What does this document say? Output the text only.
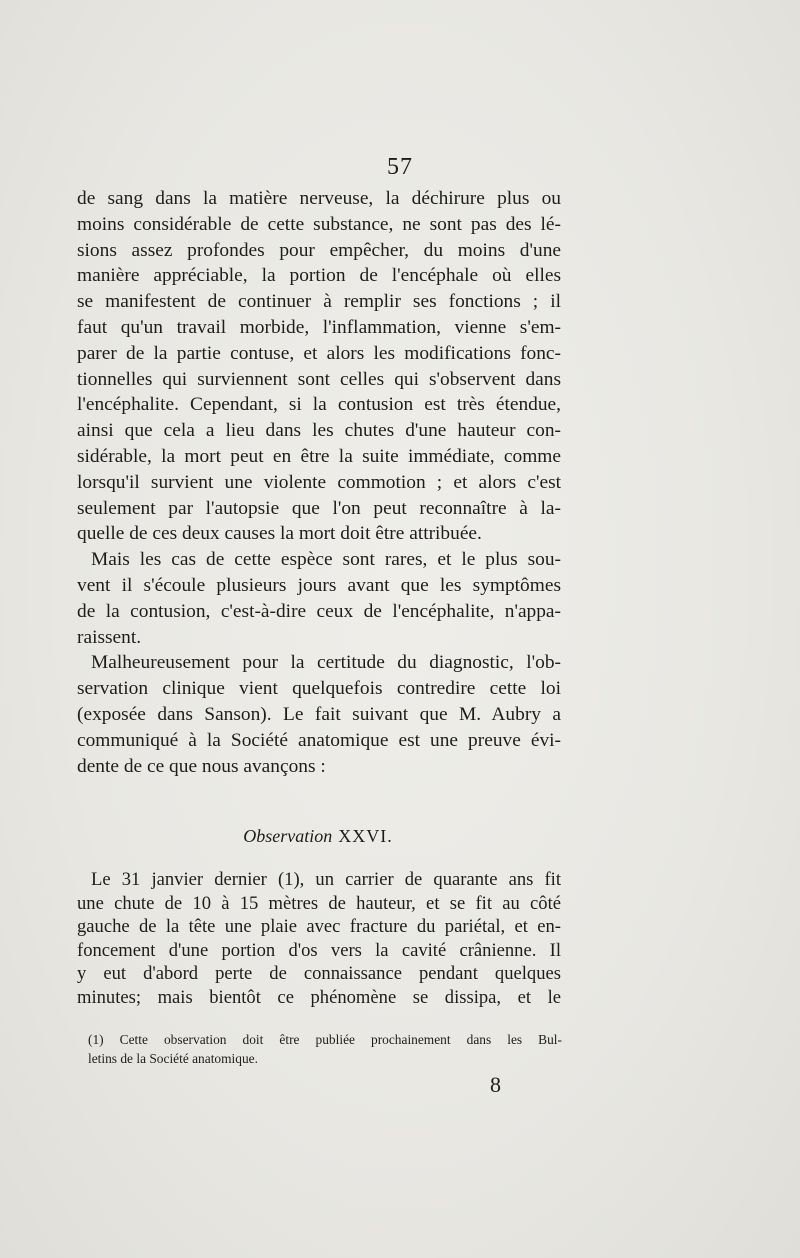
57
de sang dans la matière nerveuse, la déchirure plus ou
moins considérable de cette substance, ne sont pas des lé-
sions assez profondes pour empêcher, du moins d'une
manière appréciable, la portion de l'encéphale où elles
se manifestent de continuer à remplir ses fonctions ; il
faut qu'un travail morbide, l'inflammation, vienne s'em-
parer de la partie contuse, et alors les modifications fonc-
tionnelles qui surviennent sont celles qui s'observent dans
l'encéphalite. Cependant, si la contusion est très étendue,
ainsi que cela a lieu dans les chutes d'une hauteur con-
sidérable, la mort peut en être la suite immédiate, comme
lorsqu'il survient une violente commotion ; et alors c'est
seulement par l'autopsie que l'on peut reconnaître à la-
quelle de ces deux causes la mort doit être attribuée.
Mais les cas de cette espèce sont rares, et le plus sou-
vent il s'écoule plusieurs jours avant que les symptômes
de la contusion, c'est-à-dire ceux de l'encéphalite, n'appa-
raissent.
Malheureusement pour la certitude du diagnostic, l'ob-
servation clinique vient quelquefois contredire cette loi
(exposée dans Sanson). Le fait suivant que M. Aubry a
communiqué à la Société anatomique est une preuve évi-
dente de ce que nous avançons :
Observation XXVI.
Le 31 janvier dernier (1), un carrier de quarante ans fit
une chute de 10 à 15 mètres de hauteur, et se fit au côté
gauche de la tête une plaie avec fracture du pariétal, et en-
foncement d'une portion d'os vers la cavité crânienne. Il
y eut d'abord perte de connaissance pendant quelques
minutes; mais bientôt ce phénomène se dissipa, et le
(1) Cette observation doit être publiée prochainement dans les Bul-
letins de la Société anatomique.
8
